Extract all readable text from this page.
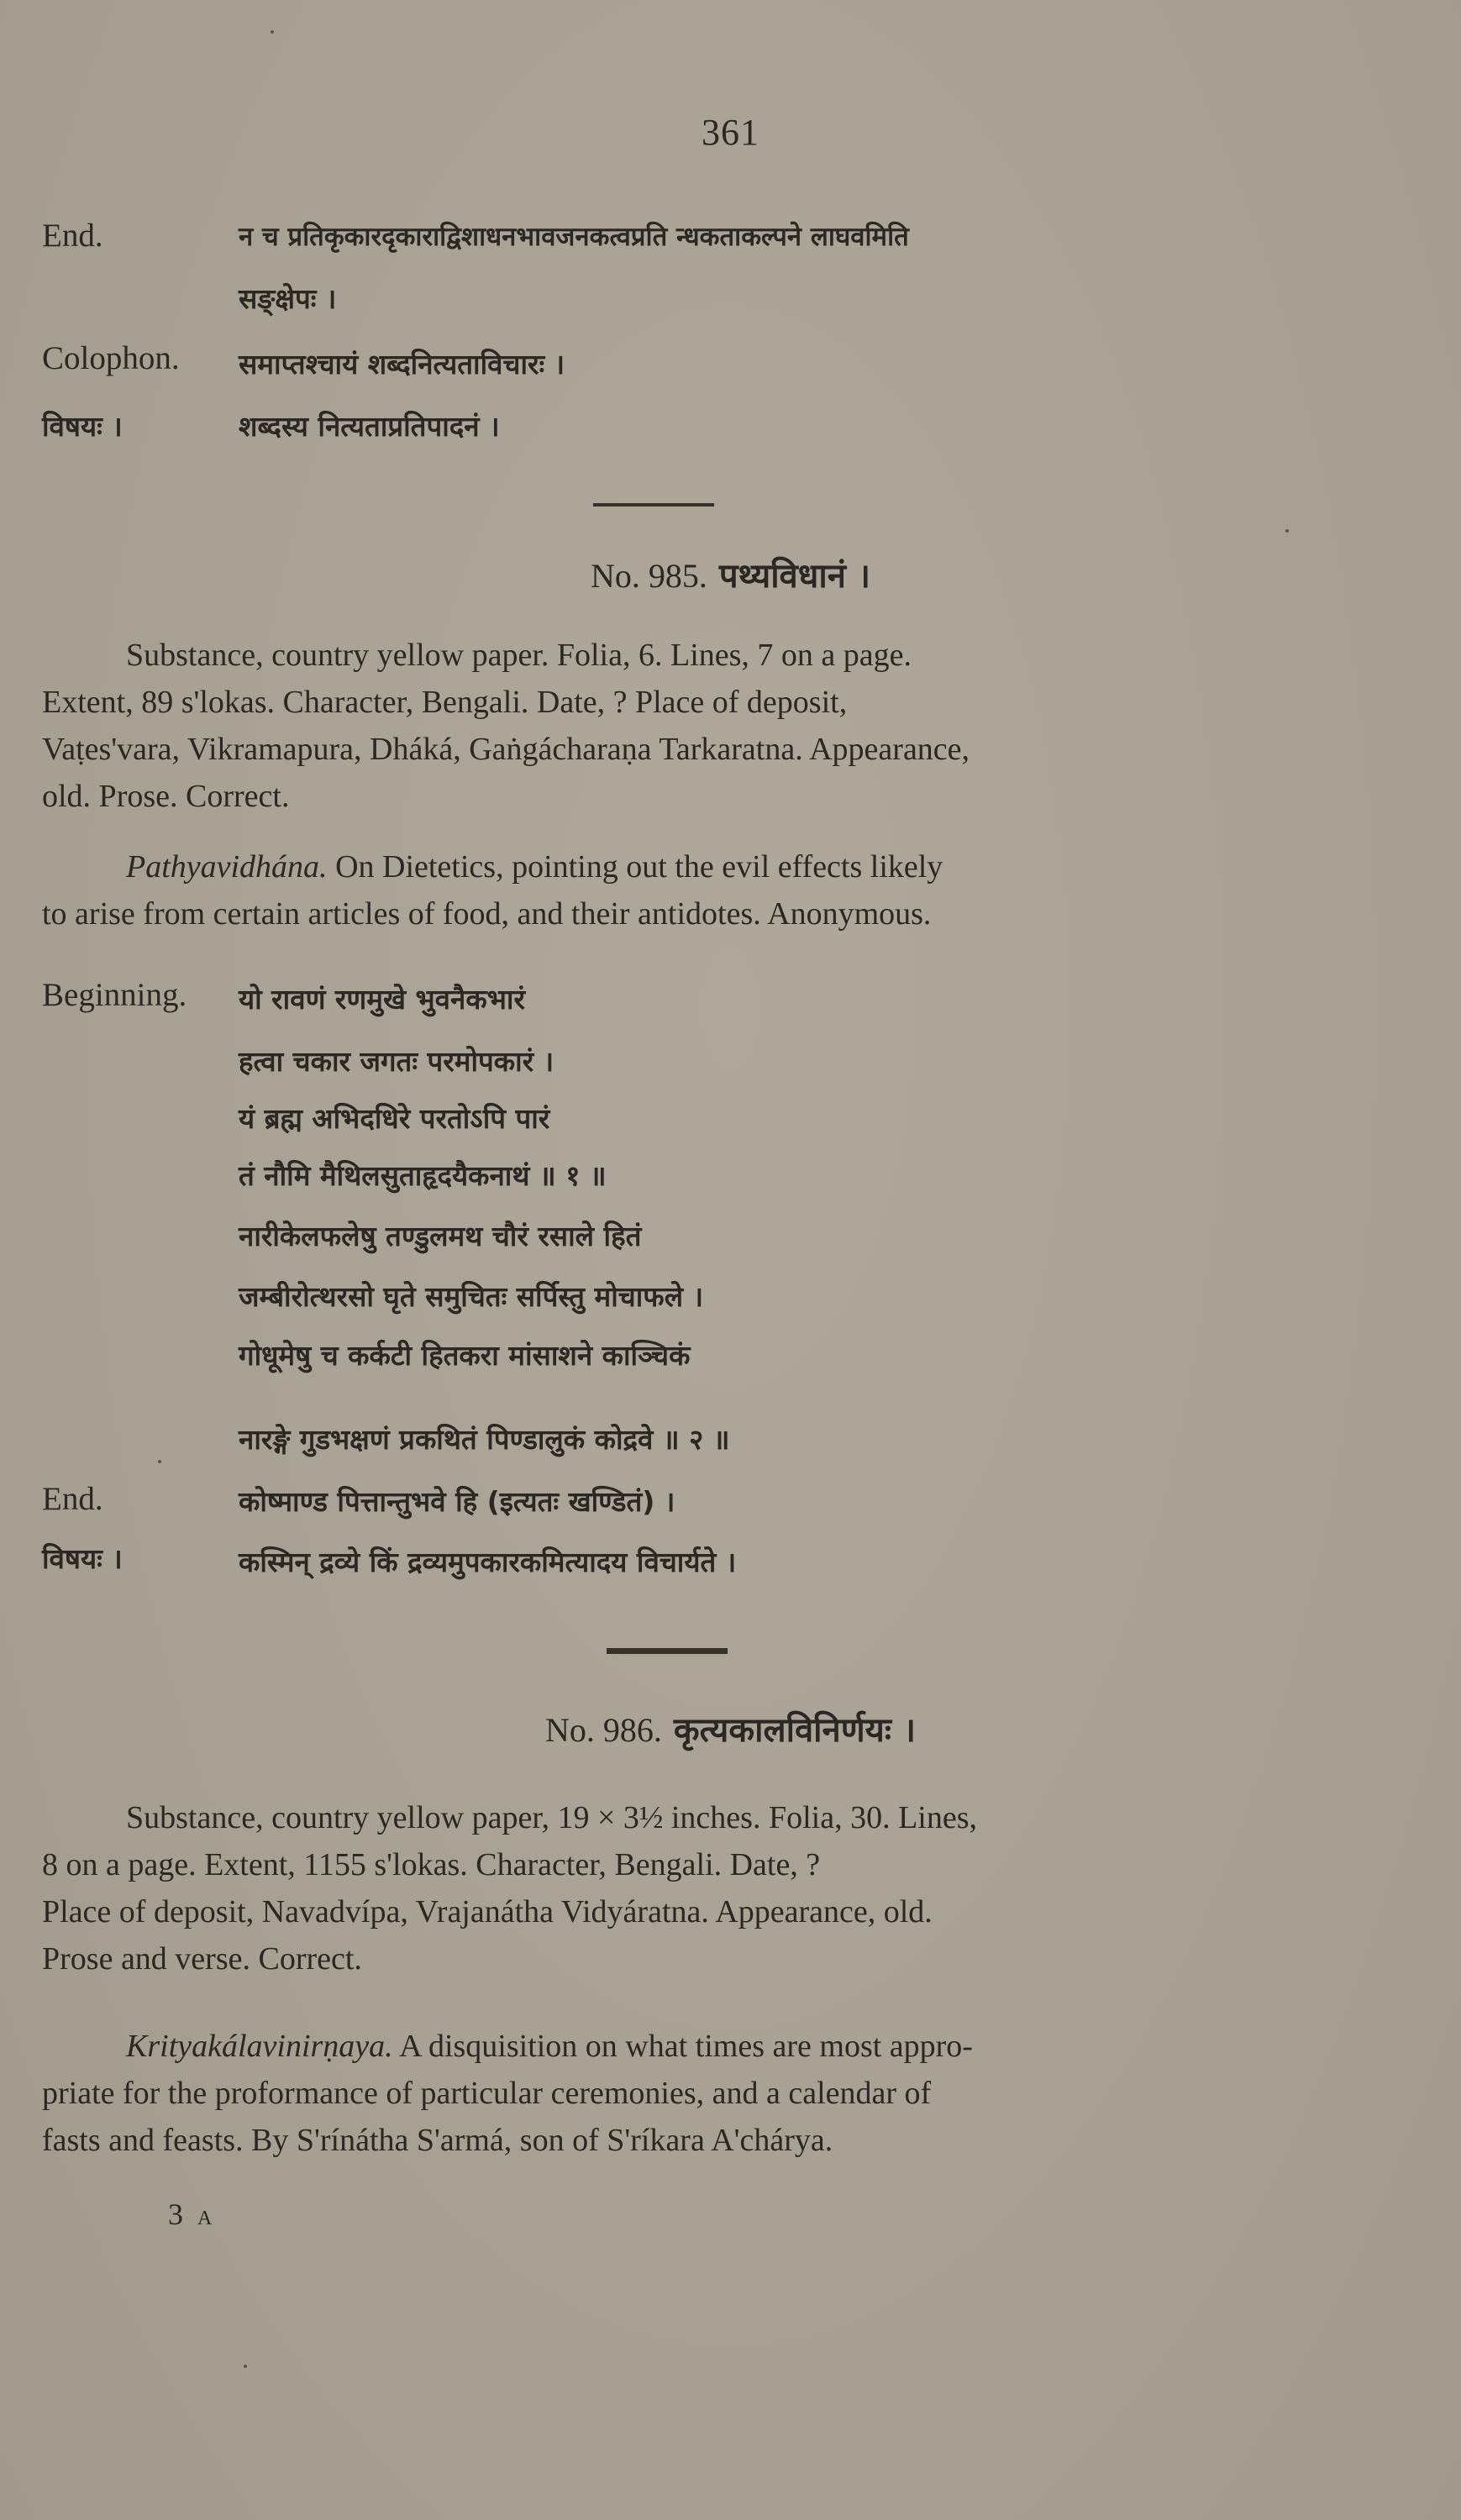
361
End.	न च प्रतिकृकारदृकाराद्विशाधनभावजनकत्वप्रति न्धकताकल्पने लाघवमिति
सङ्क्षेपः ।
Colophon. समाप्तश्चायं शब्दनित्यताविचारः ।
विषयः ।	शब्दस्य नित्यताप्रतिपादनं ।
No. 985. पथ्यविधानं ।

Substance, country yellow paper. Folia, 6. Lines, 7 on a page.

Extent, 89 s'lokas. Character, Bengali. Date, ? Place of deposit,

Vaṭes'vara, Vikramapura, Dháká, Gaṅgácharaṇa Tarkaratna. Appearance,

old. Prose. Correct.

Pathyavidhána. On Dietetics, pointing out the evil effects likely

to arise from certain articles of food, and their antidotes. Anonymous.

Beginning. यो रावणं रणमुखे भुवनैकभारं
हत्वा चकार जगतः परमोपकारं ।
यं ब्रह्म अभिदधिरे परतोऽपि पारं
तं नौमि मैथिलसुताहृदयैकनाथं ॥ १ ॥
नारीकेलफलेषु तण्डुलमथ चौरं रसाले हितं
जम्बीरोत्थरसो घृते समुचितः सर्पिस्तु मोचाफले ।
गोधूमेषु च कर्कटी हितकरा मांसाशने काञ्चिकं
नारङ्गे गुडभक्षणं प्रकथितं पिण्डालुकं कोद्रवे ॥ २ ॥
End.	कोष्माण्ड पित्तान्तुभवे हि (इत्यतः खण्डितं) ।
विषयः ।	कस्मिन् द्रव्ये किं द्रव्यमुपकारकमित्यादय विचार्यते ।
No. 986. कृत्यकालविनिर्णयः ।

Substance, country yellow paper, 19 × 3½ inches. Folia, 30. Lines,

8 on a page. Extent, 1155 s'lokas. Character, Bengali. Date, ?

Place of deposit, Navadvípa, Vrajanátha Vidyáratna. Appearance, old.

Prose and verse. Correct.

Krityakálavinirṇaya. A disquisition on what times are most appro-

priate for the proformance of particular ceremonies, and a calendar of

fasts and feasts. By S'rínátha S'armá, son of S'ríkara A'chárya.

3 A
